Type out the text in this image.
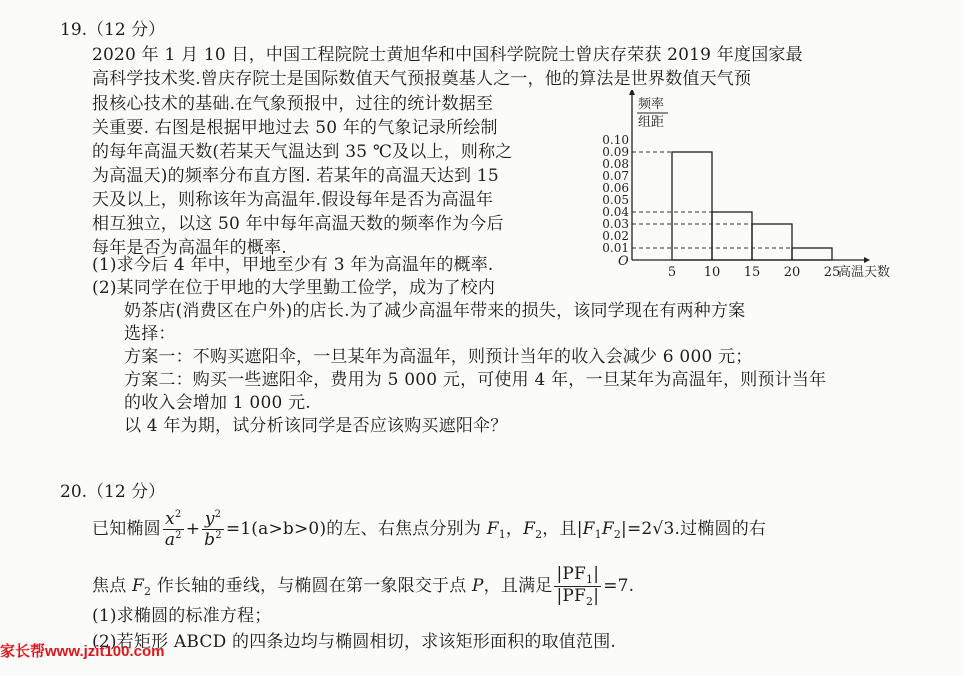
19.（12 分）
2020 年 1 月 10 日，中国工程院院士黄旭华和中国科学院院士曾庆存荣获 2019 年度国家最
高科学技术奖.曾庆存院士是国际数值天气预报奠基人之一，他的算法是世界数值天气预
报核心技术的基础.在气象预报中，过往的统计数据至
关重要. 右图是根据甲地过去 50 年的气象记录所绘制
的每年高温天数(若某天气温达到 35 ℃及以上，则称之
为高温天)的频率分布直方图. 若某年的高温天达到 15
天及以上，则称该年为高温年.假设每年是否为高温年
相互独立，以这 50 年中每年高温天数的频率作为今后
每年是否为高温年的概率.
(1)求今后 4 年中，甲地至少有 3 年为高温年的概率.
(2)某同学在位于甲地的大学里勤工俭学，成为了校内
奶茶店(消费区在户外)的店长.为了减少高温年带来的损失，该同学现在有两种方案
选择：
方案一：不购买遮阳伞，一旦某年为高温年，则预计当年的收入会减少 6 000 元；
方案二：购买一些遮阳伞，费用为 5 000 元，可使用 4 年，一旦某年为高温年，则预计当年
的收入会增加 1 000 元.
以 4 年为期，试分析该同学是否应该购买遮阳伞？
0.10
0.09
0.08
0.07
0.06
0.05
0.04
0.03
0.02
0.01
5 10 15 20 25
O
高温天数
频率
组距
20.（12 分）
已知椭圆 $\frac{x^2}{a^2} + \frac{y^2}{b^2} =1(a>b>0)$的左、右焦点分别为 $F_1$，$F_2$，且$|F_1F_2|=2√3$.过椭圆的右
焦点 $F_2$ 作长轴的垂线，与椭圆在第一象限交于点 P，且满足 $\frac{|PF_1|}{|PF_2|} =7$.
(1)求椭圆的标准方程；
(2)若矩形 ABCD 的四条边均与椭圆相切，求该矩形面积的取值范围.
家长帮www.jzit100.com
